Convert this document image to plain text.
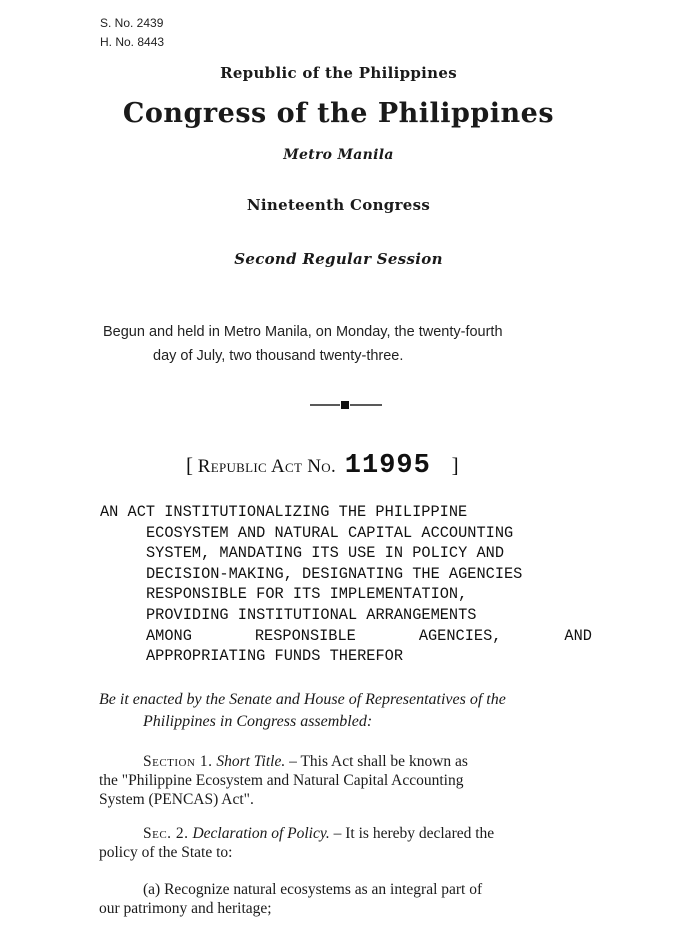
S. No. 2439
H. No. 8443
Republic of the Philippines
Congress of the Philippines
Metro Manila
Nineteenth Congress
Second Regular Session
Begun and held in Metro Manila, on Monday, the twenty-fourth
day of July, two thousand twenty-three.
[ Republic Act No. 11995 ]
AN ACT INSTITUTIONALIZING THE PHILIPPINE
ECOSYSTEM AND NATURAL CAPITAL ACCOUNTING
SYSTEM, MANDATING ITS USE IN POLICY AND
DECISION-MAKING, DESIGNATING THE AGENCIES
RESPONSIBLE FOR ITS IMPLEMENTATION,
PROVIDING INSTITUTIONAL ARRANGEMENTS
AMONG	RESPONSIBLE	AGENCIES,	AND
APPROPRIATING FUNDS THEREFOR
Be it enacted by the Senate and House of Representatives of the
Philippines in Congress assembled:
Section 1. Short Title. – This Act shall be known as
the "Philippine Ecosystem and Natural Capital Accounting
System (PENCAS) Act".
Sec. 2. Declaration of Policy. – It is hereby declared the
policy of the State to:
(a) Recognize natural ecosystems as an integral part of
our patrimony and heritage;
